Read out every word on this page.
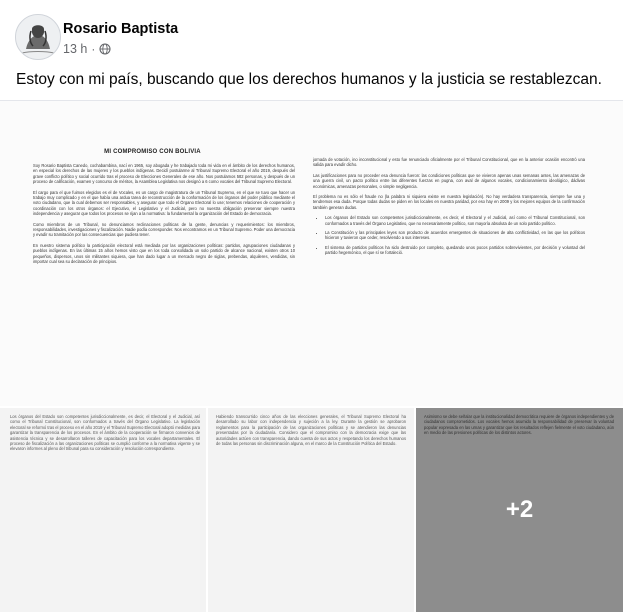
Rosario Baptista
13 h ·
Estoy con mi país, buscando que los derechos humanos y la justicia se restablezcan.
MI COMPROMISO CON BOLIVIA

Soy Rosario Baptista Canedo, cochabambina, nací en 1965, soy abogada y he trabajado toda mi vida en el ámbito de los derechos humanos, en especial los derechos de las mujeres y los pueblos indígenas. Decidí postularme al Tribunal Supremo Electoral el año 2019, después del grave conflicto político y social ocurrido tras el proceso de Elecciones Generales de ese año. Nos postulamos 582 personas, y después de un proceso de calificación, examen y concurso de méritos, la Asamblea Legislativa nos designó a 6 como vocales del Tribunal Supremo Electoral.

El cargo para el que fuimos elegidos es el de Vocales, es un cargo de magistratura de un Tribunal Supremo, en el que se tuvo que hacer un trabajo muy complicado y en el que había una ardua tarea de reconstrucción de la conformación de los órganos del poder público mediante el voto ciudadano, que la cual debemos ser responsables, y asegurar que todo el Órgano Electoral lo use; tenemos relaciones de cooperación y coordinación con los otros órganos: el Ejecutivo, el Legislativo y el Judicial, pero no nuestra obligación preservar siempre nuestra independencia y asegurar que todos los procesos se rijan a la normativa: la fundamental la organización del Estado de democracia.

Como miembros de un Tribunal, no denunciamos reclinaciones políticas de la gente, denuncias y requerimientos: los miembros, responsabilidades, investigaciones y fiscalización. Nadie podía corresponder. Nos encontramos en un Tribunal Supremo. Poder una democracia y evadir su tramitación por las consecuencias que pudiera tener.

En nuestro sistema político la participación electoral está mediada por las organizaciones políticas: partidos, agrupaciones ciudadanas y pueblos indígenas. En las últimas 15 años hemos visto que en los toda consolidada un solo partido de alcance nacional, existen otros 10 pequeños, dispersos, unos sin militantes siquiera, que han dado lugar a un mercado negro de siglas, prebendas, alquileres, vendidas, sin importar cual sea su declaración de principios.

jornada de votación, ino inconstitucional y esto fue renunciado oficialmente por el Tribunal Constitucional, que en la anterior ocasión encontró una salida para evadir dicho.

Las justificaciones para no proceder esa denuncia fueron: las condiciones políticas que se vivieron apenas unas semanas antes, las amenazas de una guerra civil, un pacto político entre las diferentes fuerzas en pugna, con aval de algunos vocales, condicionamiento ideológico, dádivas económicas, amenazas personales, o simple negligencia.

El problema no es sólo el fraude no (la palabra ni siquiera existe en nuestra legislación). No hay verdadera transparencia, siempre fue una y tendremos esa duda. Porque todas dudas se piden en los locales en nuestra paridad, por eso hay en 2009 y los mejores equipos de la confirmación también generan dudas.

• Los órganos del Estado son competentes jurisdiccionalmente, es decir, el Electoral y el Judicial, así como el Tribunal Constitucional, son conformados a través del Órgano Legislativo, que no necesariamente político, son mayoría absoluta de un solo partido político.
• La Constitución y las principales leyes son producto de acuerdos emergentes de situaciones de alta conflictividad, en las que los políticos hicieron y tuvieron que ceder, resolviendo a sus intereses.
• El sistema de partidos políticos ha sido destruido por completo, quedando unos pocos partidos sobrevivientes, por decisión y voluntad del partido hegemónico, el que sí se fortaleció.
Los órganos del Estado son competentes jurisdiccionalmente, es decir, el Electoral y el Judicial, así como el Tribunal Constitucional, son conformados a través del Órgano Legislativo. La legislación electoral se reformó tras el proceso en el año 2019 y el Tribunal Supremo Electoral adoptó medidas para garantizar la transparencia de los procesos. En el ámbito de la cooperación se firmaron convenios de asistencia técnica y se desarrollaron talleres de capacitación para los vocales departamentales. El proceso de fiscalización a las organizaciones políticas se cumplió conforme a la normativa vigente y se elevaron informes al pleno del tribunal para su consideración y resolución correspondiente.
Habiendo transcurrido cinco años de las elecciones generales, el Tribunal Supremo Electoral ha desarrollado su labor con independencia y sujeción a la ley. Durante la gestión se aprobaron reglamentos para la participación de las organizaciones políticas y se atendieron las denuncias presentadas por la ciudadanía. Considero que el compromiso con la democracia exige que las autoridades actúen con transparencia, dando cuenta de sus actos y respetando los derechos humanos de todas las personas sin discriminación alguna, en el marco de la Constitución Política del Estado.
Asimismo se debe señalar que la institucionalidad democrática requiere de órganos independientes y de ciudadanos comprometidos. Los vocales hemos asumido la responsabilidad de preservar la voluntad popular expresada en las urnas y garantizar que los resultados reflejen fielmente el voto ciudadano, aún en medio de las presiones políticas de los distintos actores.
+2
